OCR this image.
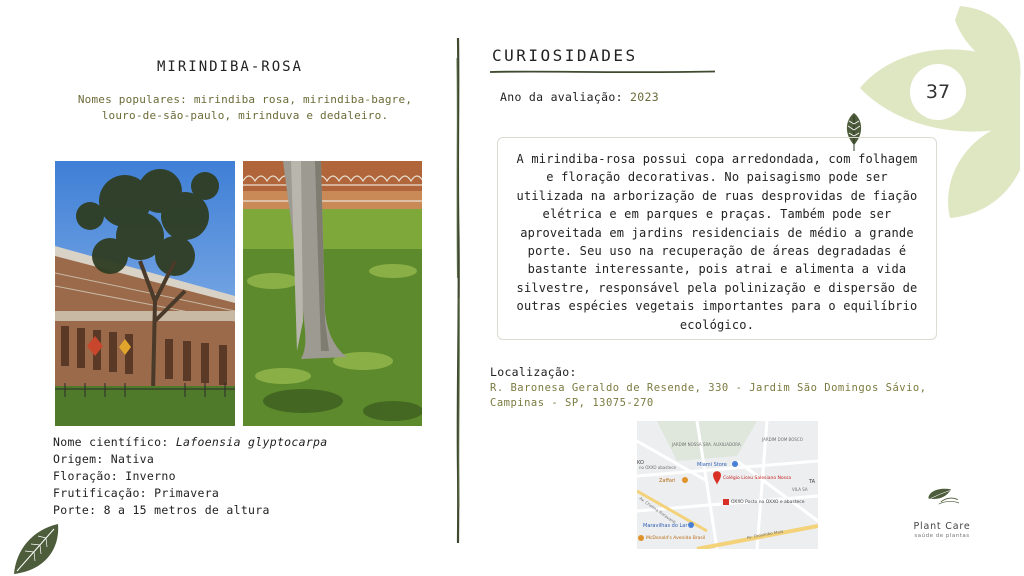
37
MIRINDIBA-ROSA
Nomes populares: mirindiba rosa, mirindiba-bagre, louro-de-são-paulo, mirinduva e dedaleiro.
Nome científico: Lafoensia glyptocarpa
Origem: Nativa
Floração: Inverno
Frutificação: Primavera
Porte: 8 a 15 metros de altura
CURIOSIDADES
Ano da avaliação: 2023

A mirindiba-rosa possui copa arredondada, com folhagem e floração decorativas. No paisagismo pode ser utilizada na arborização de ruas desprovidas de fiação elétrica e em parques e praças. Também pode ser aproveitada em jardins residenciais de médio a grande porte. Seu uso na recuperação de áreas degradadas é bastante interessante, pois atrai e alimenta a vida silvestre, responsável pela polinização e dispersão de outras espécies vegetais importantes para o equilíbrio ecológico.

Localização:
R. Baronesa Geraldo de Resende, 330 - Jardim São Domingos Sávio, Campinas - SP, 13075-270
JARDIM NOSSA SRA. AUXILIADORA
JARDIM DOM BOSCO
VILA SA
Av. Cristina Fioravanti
Av. Orosimbo Maia
no OXXO abastece
KO
TA
Miami Store
Zaffari	Colégio Liceu Salesiano Nossa
OXXO Posto no OXXO e abastece
Maravilhas do Lar
McDonald's Avenida Brasil
Plant Care
saúde de plantas
